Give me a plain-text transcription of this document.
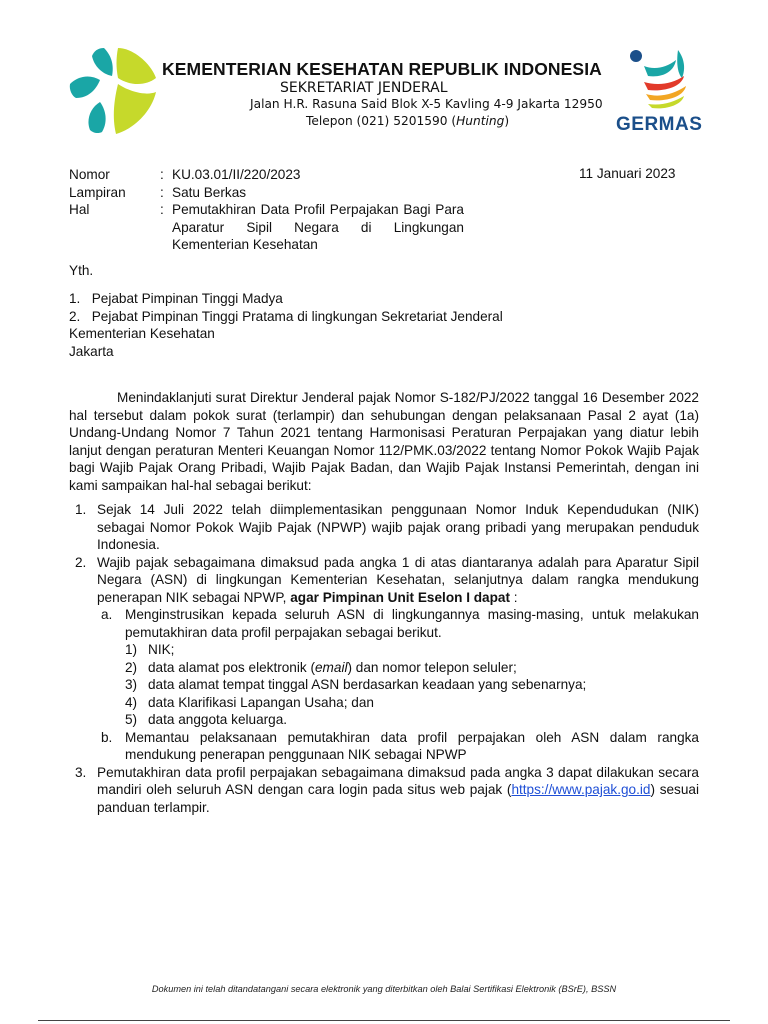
KEMENTERIAN KESEHATAN REPUBLIK INDONESIA
SEKRETARIAT JENDERAL
Jalan H.R. Rasuna Said Blok X-5 Kavling 4-9 Jakarta 12950
Telepon (021) 5201590 (Hunting)	GERMAS
Nomor
Lampiran
Hal
:
:
:
KU.03.01/II/220/2023
Satu Berkas
Pemutakhiran Data Profil Perpajakan Bagi Para Aparatur Sipil Negara di Lingkungan Kementerian Kesehatan
11 Januari 2023
Yth.
1. Pejabat Pimpinan Tinggi Madya
2. Pejabat Pimpinan Tinggi Pratama di lingkungan Sekretariat Jenderal
Kementerian Kesehatan
Jakarta
Menindaklanjuti surat Direktur Jenderal pajak Nomor S-182/PJ/2022 tanggal 16 Desember 2022 hal tersebut dalam pokok surat (terlampir) dan sehubungan dengan pelaksanaan Pasal 2 ayat (1a) Undang-Undang Nomor 7 Tahun 2021 tentang Harmonisasi Peraturan Perpajakan yang diatur lebih lanjut dengan peraturan Menteri Keuangan Nomor 112/PMK.03/2022 tentang Nomor Pokok Wajib Pajak bagi Wajib Pajak Orang Pribadi, Wajib Pajak Badan, dan Wajib Pajak Instansi Pemerintah, dengan ini kami sampaikan hal-hal sebagai berikut:
1. Sejak 14 Juli 2022 telah diimplementasikan penggunaan Nomor Induk Kependudukan (NIK) sebagai Nomor Pokok Wajib Pajak (NPWP) wajib pajak orang pribadi yang merupakan penduduk Indonesia.
2. Wajib pajak sebagaimana dimaksud pada angka 1 di atas diantaranya adalah para Aparatur Sipil Negara (ASN) di lingkungan Kementerian Kesehatan, selanjutnya dalam rangka mendukung penerapan NIK sebagai NPWP, agar Pimpinan Unit Eselon I dapat :
a. Menginstrusikan kepada seluruh ASN di lingkungannya masing-masing, untuk melakukan pemutakhiran data profil perpajakan sebagai berikut.
1) NIK;
2) data alamat pos elektronik (email) dan nomor telepon seluler;
3) data alamat tempat tinggal ASN berdasarkan keadaan yang sebenarnya;
4) data Klarifikasi Lapangan Usaha; dan
5) data anggota keluarga.
b. Memantau pelaksanaan pemutakhiran data profil perpajakan oleh ASN dalam rangka mendukung penerapan penggunaan NIK sebagai NPWP
3. Pemutakhiran data profil perpajakan sebagaimana dimaksud pada angka 3 dapat dilakukan secara mandiri oleh seluruh ASN dengan cara login pada situs web pajak (https://www.pajak.go.id) sesuai panduan terlampir.
Dokumen ini telah ditandatangani secara elektronik yang diterbitkan oleh Balai Sertifikasi Elektronik (BSrE), BSSN
